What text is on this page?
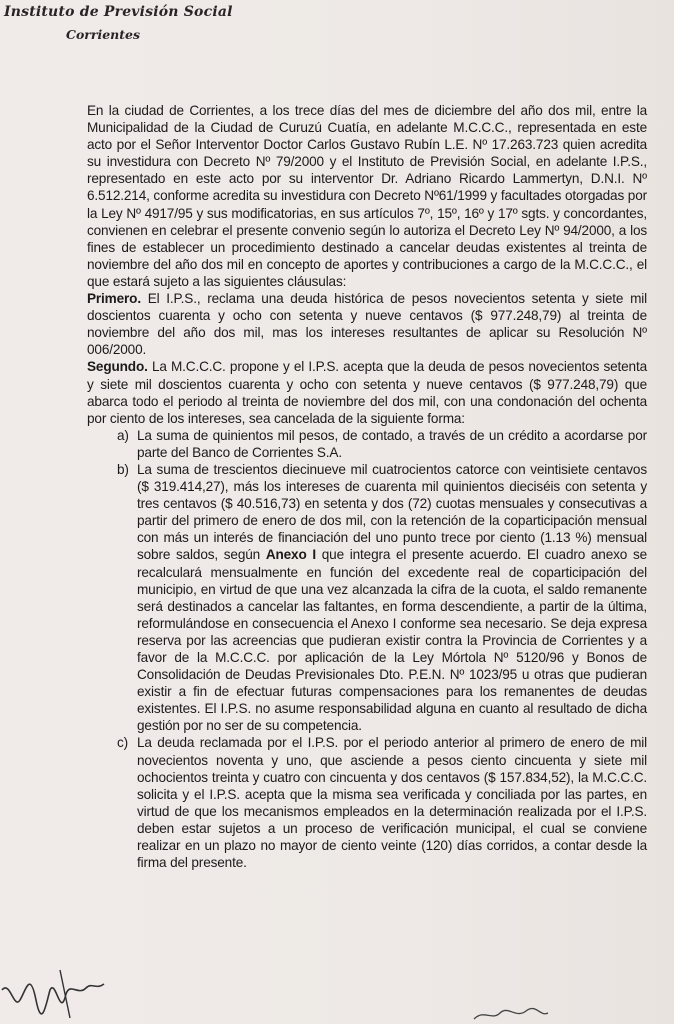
Instituto de Previsión Social
Corrientes

En la ciudad de Corrientes, a los trece días del mes de diciembre del año dos mil, entre la Municipalidad de la Ciudad de Curuzú Cuatía, en adelante M.C.C.C., representada en este acto por el Señor Interventor Doctor Carlos Gustavo Rubín L.E. Nº 17.263.723 quien acredita su investidura con Decreto Nº 79/2000 y el Instituto de Previsión Social, en adelante I.P.S., representado en este acto por su interventor Dr. Adriano Ricardo Lammertyn, D.N.I. Nº 6.512.214, conforme acredita su investidura con Decreto Nº61/1999 y facultades otorgadas por la Ley Nº 4917/95 y sus modificatorias, en sus artículos 7º, 15º, 16º y 17º sgts. y concordantes, convienen en celebrar el presente convenio según lo autoriza el Decreto Ley Nº 94/2000, a los fines de establecer un procedimiento destinado a cancelar deudas existentes al treinta de noviembre del año dos mil en concepto de aportes y contribuciones a cargo de la M.C.C.C., el que estará sujeto a las siguientes cláusulas:

Primero. El I.P.S., reclama una deuda histórica de pesos novecientos setenta y siete mil doscientos cuarenta y ocho con setenta y nueve centavos ($ 977.248,79) al treinta de noviembre del año dos mil, mas los intereses resultantes de aplicar su Resolución Nº 006/2000.

Segundo. La M.C.C.C. propone y el I.P.S. acepta que la deuda de pesos novecientos setenta y siete mil doscientos cuarenta y ocho con setenta y nueve centavos ($ 977.248,79) que abarca todo el periodo al treinta de noviembre del dos mil, con una condonación del ochenta por ciento de los intereses, sea cancelada de la siguiente forma:

a) La suma de quinientos mil pesos, de contado, a través de un crédito a acordarse por parte del Banco de Corrientes S.A.

b) La suma de trescientos diecinueve mil cuatrocientos catorce con veintisiete centavos ($ 319.414,27), más los intereses de cuarenta mil quinientos dieciséis con setenta y tres centavos ($ 40.516,73) en setenta y dos (72) cuotas mensuales y consecutivas a partir del primero de enero de dos mil, con la retención de la coparticipación mensual con más un interés de financiación del uno punto trece por ciento (1.13 %) mensual sobre saldos, según Anexo I que integra el presente acuerdo. El cuadro anexo se recalculará mensualmente en función del excedente real de coparticipación del municipio, en virtud de que una vez alcanzada la cifra de la cuota, el saldo remanente será destinados a cancelar las faltantes, en forma descendiente, a partir de la última, reformulándose en consecuencia el Anexo I conforme sea necesario. Se deja expresa reserva por las acreencias que pudieran existir contra la Provincia de Corrientes y a favor de la M.C.C.C. por aplicación de la Ley Mórtola Nº 5120/96 y Bonos de Consolidación de Deudas Previsionales Dto. P.E.N. Nº 1023/95 u otras que pudieran existir a fin de efectuar futuras compensaciones para los remanentes de deudas existentes. El I.P.S. no asume responsabilidad alguna en cuanto al resultado de dicha gestión por no ser de su competencia.

c) La deuda reclamada por el I.P.S. por el periodo anterior al primero de enero de mil novecientos noventa y uno, que asciende a pesos ciento cincuenta y siete mil ochocientos treinta y cuatro con cincuenta y dos centavos ($ 157.834,52), la M.C.C.C. solicita y el I.P.S. acepta que la misma sea verificada y conciliada por las partes, en virtud de que los mecanismos empleados en la determinación realizada por el I.P.S. deben estar sujetos a un proceso de verificación municipal, el cual se conviene realizar en un plazo no mayor de ciento veinte (120) días corridos, a contar desde la firma del presente.
